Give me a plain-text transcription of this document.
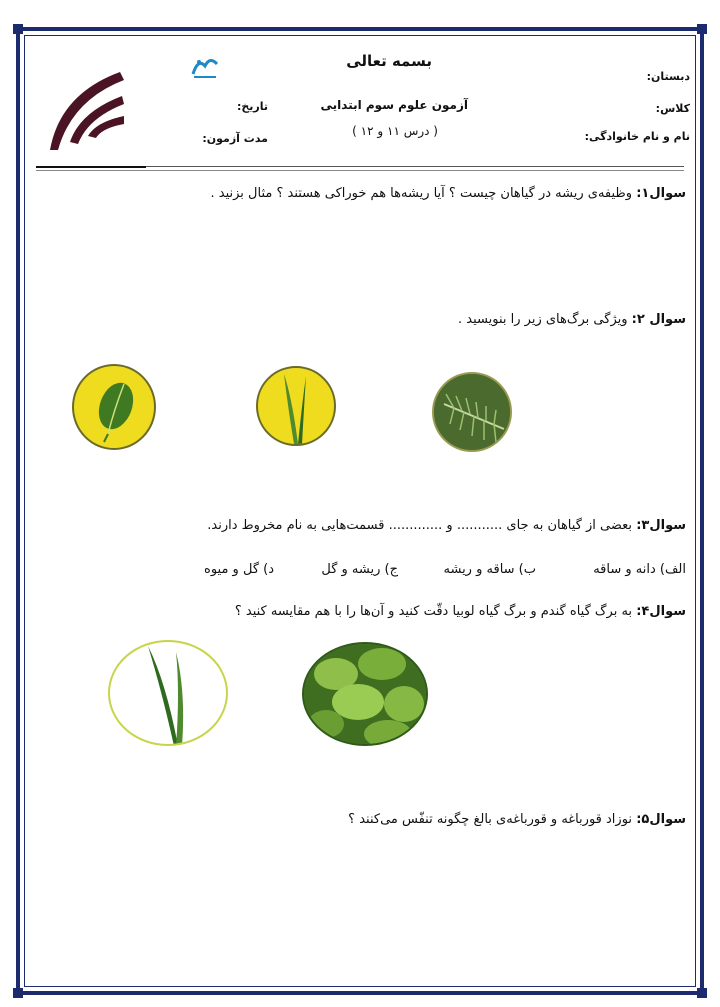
بسمه تعالی
آزمون علوم سوم ابتدایی
( درس ۱۱ و ۱۲ )
دبستان:
کلاس:
نام و نام خانوادگی:
تاریخ:
مدت آزمون:
سوال۱: وظیفه‌ی ریشه در گیاهان چیست ؟ آیا ریشه‌ها هم خوراکی هستند ؟ مثال بزنید .
سوال ۲: ویژگی برگ‌های زیر را بنویسید .
سوال۳: بعضی از گیاهان به جای ........... و ............. قسمت‌هایی به نام مخروط دارند.
الف) دانه و ساقه
ب) ساقه و ریشه
ج) ریشه و گل
د) گل و میوه
سوال۴: به برگ گیاه گندم و برگ گیاه لوبیا دقّت کنید و آن‌ها را با هم مقایسه کنید ؟
سوال۵: نوزاد قورباغه و قورباغه‌ی بالغ چگونه تنفّس می‌کنند ؟
